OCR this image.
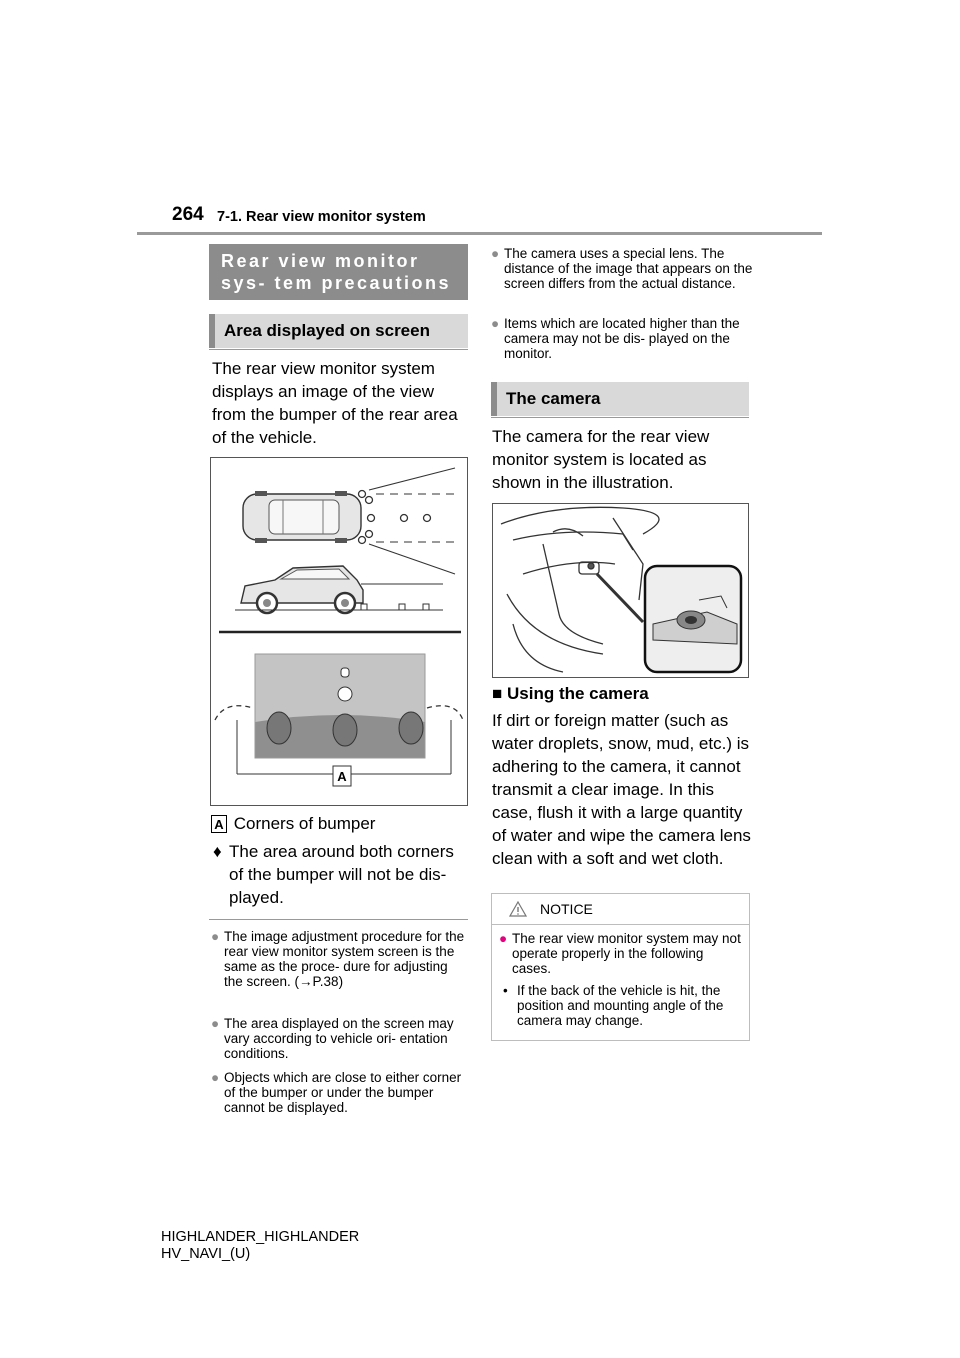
264 7-1. Rear view monitor system
Rear view monitor sys- tem precautions
Area displayed on screen
The rear view monitor system displays an image of the view from the bumper of the rear area of the vehicle.
A
A Corners of bumper
♦ The area around both corners of the bumper will not be dis- played.
● The image adjustment procedure for the rear view monitor system screen is the same as the proce- dure for adjusting the screen. (→P.38)
● The area displayed on the screen may vary according to vehicle ori- entation conditions.
● Objects which are close to either corner of the bumper or under the bumper cannot be displayed.
● The camera uses a special lens. The distance of the image that appears on the screen differs from the actual distance.
● Items which are located higher than the camera may not be dis- played on the monitor.
The camera
The camera for the rear view monitor system is located as shown in the illustration.
■ Using the camera
If dirt or foreign matter (such as water droplets, snow, mud, etc.) is adhering to the camera, it cannot transmit a clear image. In this case, flush it with a large quantity of water and wipe the camera lens clean with a soft and wet cloth.
NOTICE
● The rear view monitor system may not operate properly in the following cases.
• If the back of the vehicle is hit, the position and mounting angle of the camera may change.
HIGHLANDER_HIGHLANDER
HV_NAVI_(U)
